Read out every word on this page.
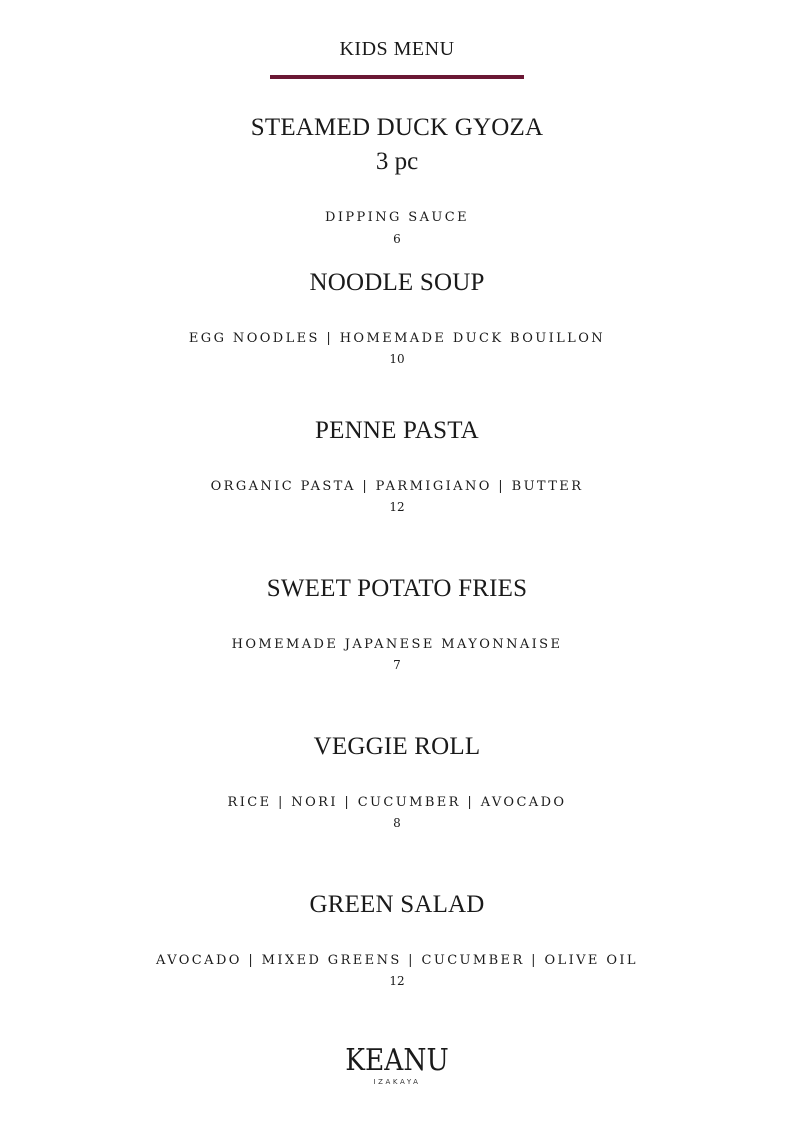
KIDS MENU
STEAMED DUCK GYOZA
3 pc
DIPPING SAUCE
6
NOODLE SOUP
EGG NOODLES | HOMEMADE DUCK BOUILLON
10
PENNE PASTA
ORGANIC PASTA | PARMIGIANO | BUTTER
12
SWEET POTATO FRIES
HOMEMADE JAPANESE MAYONNAISE
7
VEGGIE ROLL
RICE | NORI | CUCUMBER | AVOCADO
8
GREEN SALAD
AVOCADO | MIXED GREENS | CUCUMBER | OLIVE OIL
12
KEANU
IZAKAYA
